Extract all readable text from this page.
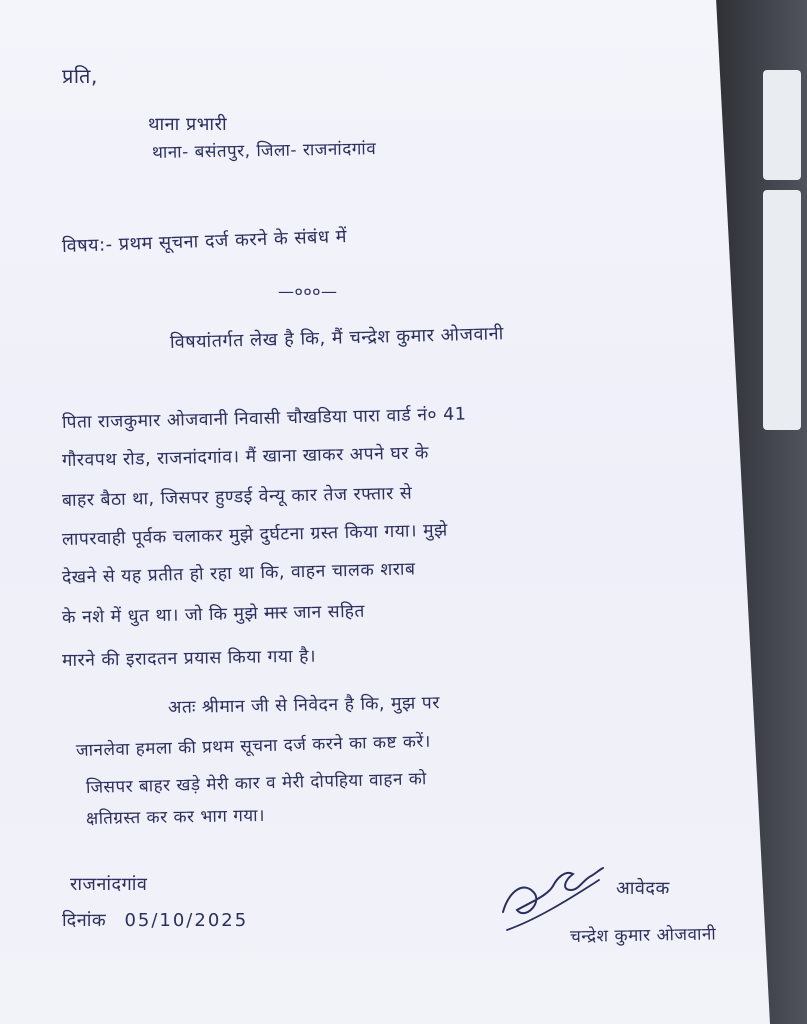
प्रति,
थाना प्रभारी
थाना- बसंतपुर, जिला- राजनांदगांव
विषय:- प्रथम सूचना दर्ज करने के संबंध में
—०००—
विषयांतर्गत लेख है कि, मैं चन्द्रेश कुमार ओजवानी
पिता राजकुमार ओजवानी निवासी चौखडिया पारा वार्ड नं० 41
गौरवपथ रोड, राजनांदगांव। मैं खाना खाकर अपने घर के
बाहर बैठा था, जिसपर हुण्डई वेन्यू कार तेज रफ्तार से
लापरवाही पूर्वक चलाकर मुझे दुर्घटना ग्रस्त किया गया। मुझे
देखने से यह प्रतीत हो रहा था कि, वाहन चालक शराब
के नशे में धुत था। जो कि मुझे मार जान सहित
मारने की इरादतन प्रयास किया गया है।
अतः श्रीमान जी से निवेदन है कि, मुझ पर
जानलेवा हमला की प्रथम सूचना दर्ज करने का कष्ट करें।
जिसपर बाहर खड़े मेरी कार व मेरी दोपहिया वाहन को
क्षतिग्रस्त कर कर भाग गया।
राजनांदगांव
दिनांक 05/10/2025
आवेदक
चन्द्रेश कुमार ओजवानी
